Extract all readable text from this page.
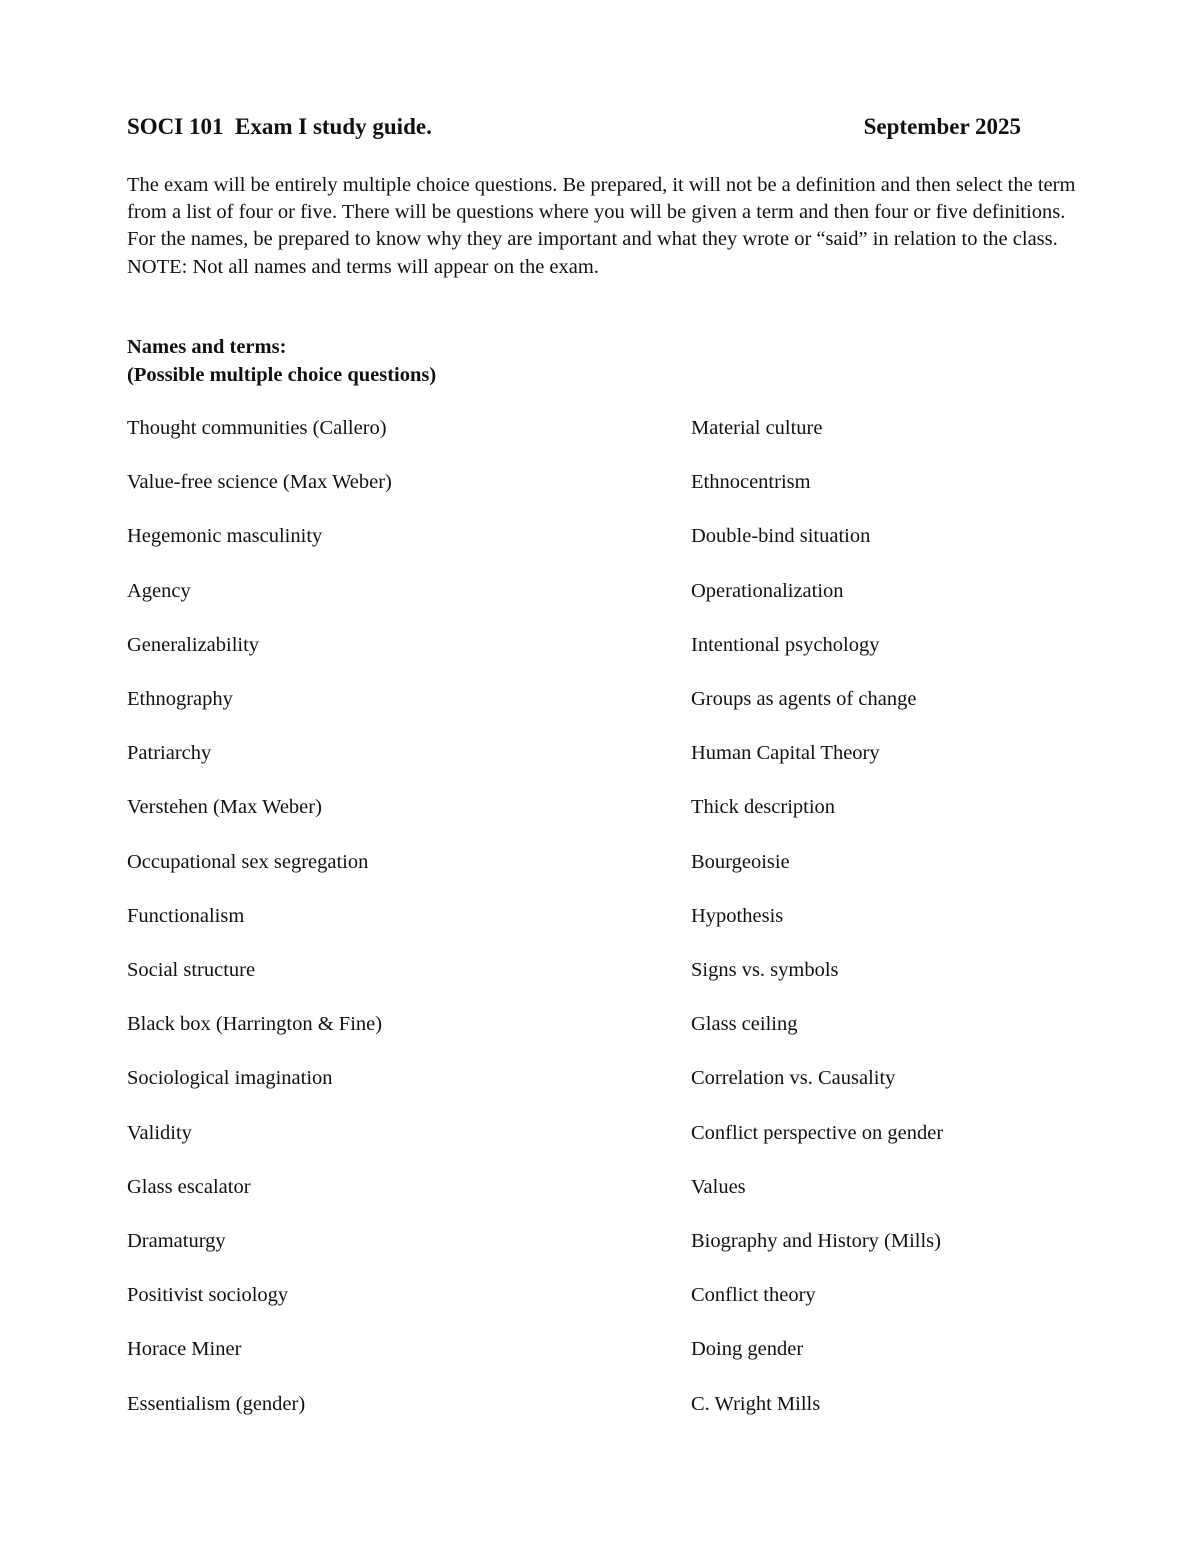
SOCI 101  Exam I study guide.	September 2025

The exam will be entirely multiple choice questions. Be prepared, it will not be a definition and then select the term from a list of four or five. There will be questions where you will be given a term and then four or five definitions. For the names, be prepared to know why they are important and what they wrote or “said” in relation to the class. NOTE: Not all names and terms will appear on the exam.

Names and terms:
(Possible multiple choice questions)
Thought communities (Callero)
Value-free science (Max Weber)
Hegemonic masculinity
Agency
Generalizability
Ethnography
Patriarchy
Verstehen (Max Weber)
Occupational sex segregation
Functionalism
Social structure
Black box (Harrington & Fine)
Sociological imagination
Validity
Glass escalator
Dramaturgy
Positivist sociology
Horace Miner
Essentialism (gender)
Material culture
Ethnocentrism
Double-bind situation
Operationalization
Intentional psychology
Groups as agents of change
Human Capital Theory
Thick description
Bourgeoisie
Hypothesis
Signs vs. symbols
Glass ceiling
Correlation vs. Causality
Conflict perspective on gender
Values
Biography and History (Mills)
Conflict theory
Doing gender
C. Wright Mills
